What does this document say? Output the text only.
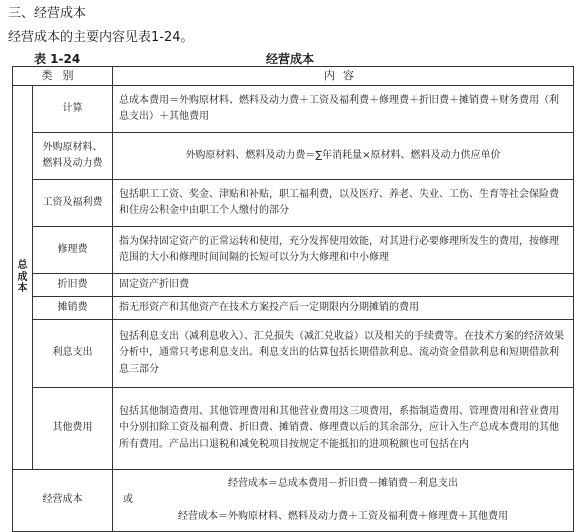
三、经营成本
经营成本的主要内容见表1-24。
表 1-24	经营成本
类别		内容

总
成
本	计算	总成本费用＝外购原材料、燃料及动力费＋工资及福利费＋修理费＋折旧费＋摊销费＋财务费用（利息支出）＋其他费用
	外购原材料、燃料及动力费	外购原材料、燃料及动力费＝∑年消耗量×原材料、燃料及动力供应单价
	工资及福利费	包括职工工资、奖金、津贴和补贴，职工福利费，以及医疗、养老、失业、工伤、生育等社会保险费和住房公积金中由职工个人缴付的部分
	修理费	指为保持固定资产的正常运转和使用，充分发挥使用效能，对其进行必要修理所发生的费用，按修理范围的大小和修理时间间隔的长短可以分为大修理和中小修理
	折旧费	固定资产折旧费
	摊销费	指无形资产和其他资产在技术方案投产后一定期限内分期摊销的费用
	利息支出	包括利息支出（减利息收入）、汇兑损失（减汇兑收益）以及相关的手续费等。在技术方案的经济效果分析中，通常只考虑利息支出。利息支出的估算包括长期借款利息、流动资金借款利息和短期借款利息三部分
	其他费用	包括其他制造费用、其他管理费用和其他营业费用这三项费用，系指制造费用、管理费用和营业费用中分别扣除工资及福利费、折旧费、摊销费、修理费以后的其余部分，应计入生产总成本费用的其他所有费用。产品出口退税和减免税项目按规定不能抵扣的进项税额也可包括在内
经营成本		经营成本＝总成本费用－折旧费－摊销费－利息支出
或
经营成本＝外购原材料、燃料及动力费＋工资及福利费＋修理费＋其他费用
